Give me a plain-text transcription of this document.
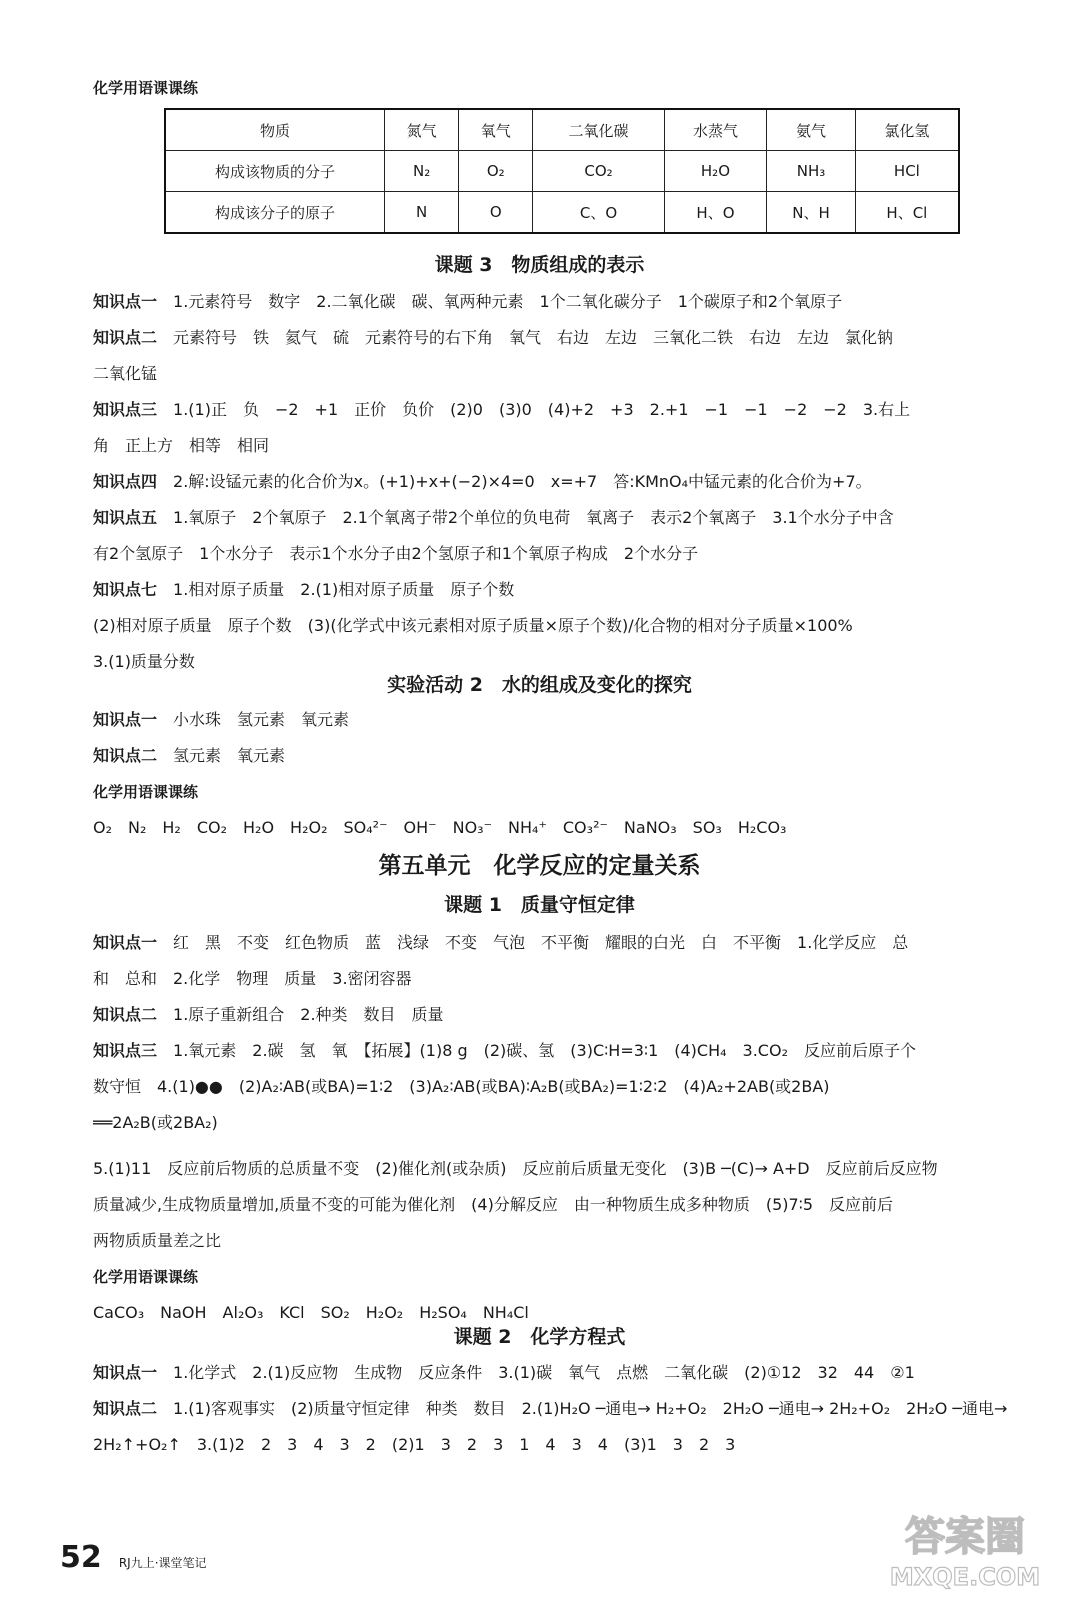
化学用语课课练
物质	氮气	氧气	二氧化碳	水蒸气	氨气	氯化氢
构成该物质的分子	N₂	O₂	CO₂	H₂O	NH₃	HCl
构成该分子的原子	N	O	C、O	H、O	N、H	H、Cl
课题 3　物质组成的表示
知识点一 1.元素符号　数字　2.二氧化碳　碳、氧两种元素　1个二氧化碳分子　1个碳原子和2个氧原子
知识点二 元素符号　铁　氦气　硫　元素符号的右下角　氧气　右边　左边　三氧化二铁　右边　左边　氯化钠
二氧化锰
知识点三 1.(1)正　负　−2　+1　正价　负价　(2)0　(3)0　(4)+2　+3　2.+1　−1　−1　−2　−2　3.右上
角　正上方　相等　相同
知识点四 2.解:设锰元素的化合价为x。(+1)+x+(−2)×4=0　x=+7　答:KMnO₄中锰元素的化合价为+7。
知识点五 1.氧原子　2个氧原子　2.1个氧离子带2个单位的负电荷　氧离子　表示2个氧离子　3.1个水分子中含
有2个氢原子　1个水分子　表示1个水分子由2个氢原子和1个氧原子构成　2个水分子
知识点七 1.相对原子质量　2.(1)相对原子质量　原子个数
(2)相对原子质量　原子个数　(3)(化学式中该元素相对原子质量×原子个数)/化合物的相对分子质量×100%
3.(1)质量分数
实验活动 2　水的组成及变化的探究
知识点一 小水珠　氢元素　氧元素
知识点二 氢元素　氧元素
化学用语课课练
O₂　N₂　H₂　CO₂　H₂O　H₂O₂　SO₄²⁻　OH⁻　NO₃⁻　NH₄⁺　CO₃²⁻　NaNO₃　SO₃　H₂CO₃
第五单元　化学反应的定量关系
课题 1　质量守恒定律
知识点一 红　黑　不变　红色物质　蓝　浅绿　不变　气泡　不平衡　耀眼的白光　白　不平衡　1.化学反应　总
和　总和　2.化学　物理　质量　3.密闭容器
知识点二 1.原子重新组合　2.种类　数目　质量
知识点三 1.氧元素　2.碳　氢　氧　【拓展】(1)8 g　(2)碳、氢　(3)C∶H=3∶1　(4)CH₄　3.CO₂　反应前后原子个
数守恒　4.(1)●●　(2)A₂∶AB(或BA)=1∶2　(3)A₂∶AB(或BA)∶A₂B(或BA₂)=1∶2∶2　(4)A₂+2AB(或2BA)
══2A₂B(或2BA₂)
5.(1)11　反应前后物质的总质量不变　(2)催化剂(或杂质)　反应前后质量无变化　(3)B ─(C)→ A+D　反应前后反应物
质量减少,生成物质量增加,质量不变的可能为催化剂　(4)分解反应　由一种物质生成多种物质　(5)7∶5　反应前后
两物质质量差之比
化学用语课课练
CaCO₃　NaOH　Al₂O₃　KCl　SO₂　H₂O₂　H₂SO₄　NH₄Cl
课题 2　化学方程式
知识点一 1.化学式　2.(1)反应物　生成物　反应条件　3.(1)碳　氧气　点燃　二氧化碳　(2)①12　32　44　②1
知识点二 1.(1)客观事实　(2)质量守恒定律　种类　数目　2.(1)H₂O ─通电→ H₂+O₂　2H₂O ─通电→ 2H₂+O₂　2H₂O ─通电→
2H₂↑+O₂↑　3.(1)2　2　3　4　3　2　(2)1　3　2　3　1　4　3　4　(3)1　3　2　3
52 RJ九上·课堂笔记
答案圈
MXQE.COM
